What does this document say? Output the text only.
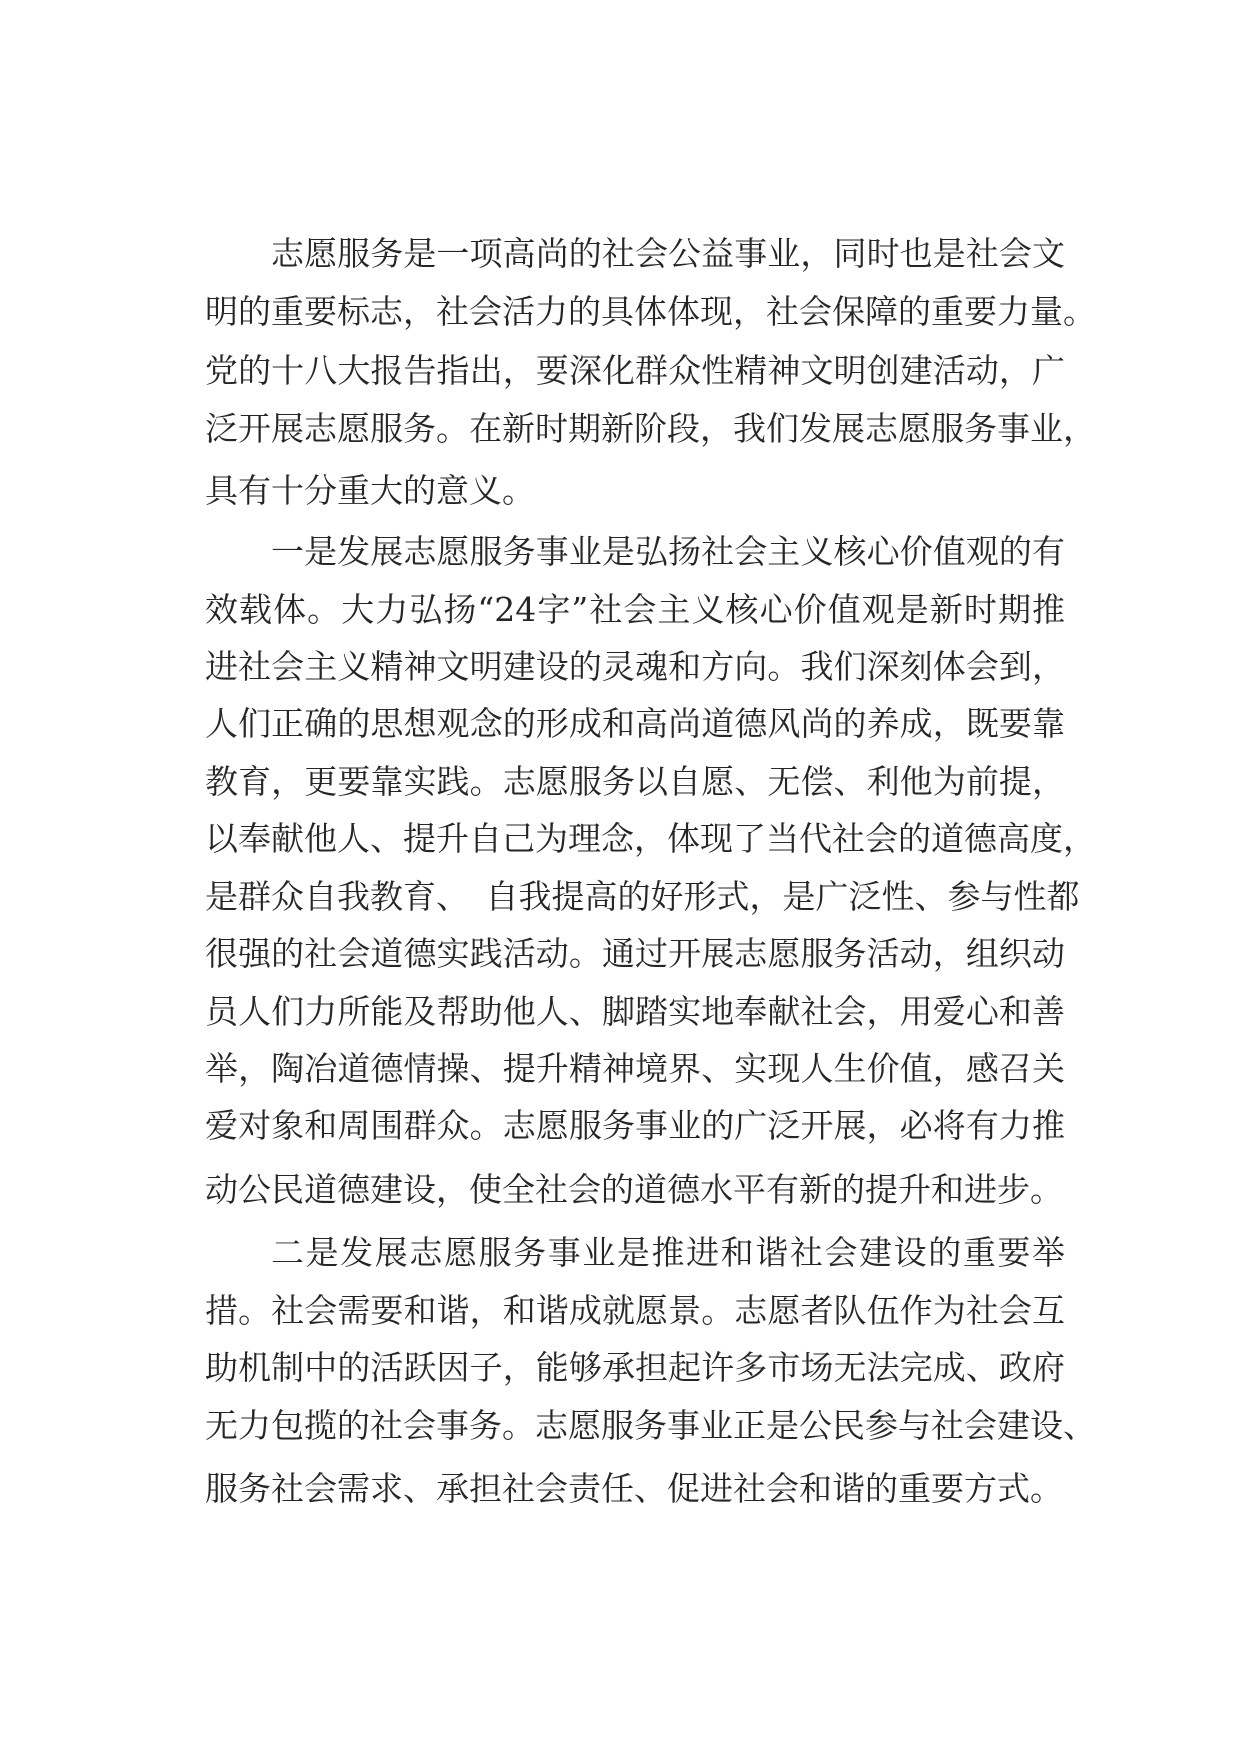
志愿服务是一项高尚的社会公益事业，同时也是社会文
明的重要标志，社会活力的具体体现，社会保障的重要力量。
党的十八大报告指出，要深化群众性精神文明创建活动，广
泛开展志愿服务。在新时期新阶段，我们发展志愿服务事业，
具有十分重大的意义。
一是发展志愿服务事业是弘扬社会主义核心价值观的有
效载体。大力弘扬“24字”社会主义核心价值观是新时期推
进社会主义精神文明建设的灵魂和方向。我们深刻体会到，
人们正确的思想观念的形成和高尚道德风尚的养成，既要靠
教育，更要靠实践。志愿服务以自愿、无偿、利他为前提，
以奉献他人、提升自己为理念，体现了当代社会的道德高度，
是群众自我教育、　自我提高的好形式，是广泛性、参与性都
很强的社会道德实践活动。通过开展志愿服务活动，组织动
员人们力所能及帮助他人、脚踏实地奉献社会，用爱心和善
举，陶冶道德情操、提升精神境界、实现人生价值，感召关
爱对象和周围群众。志愿服务事业的广泛开展，必将有力推
动公民道德建设，使全社会的道德水平有新的提升和进步。
二是发展志愿服务事业是推进和谐社会建设的重要举
措。社会需要和谐，和谐成就愿景。志愿者队伍作为社会互
助机制中的活跃因子，能够承担起许多市场无法完成、政府
无力包揽的社会事务。志愿服务事业正是公民参与社会建设、
服务社会需求、承担社会责任、促进社会和谐的重要方式。
